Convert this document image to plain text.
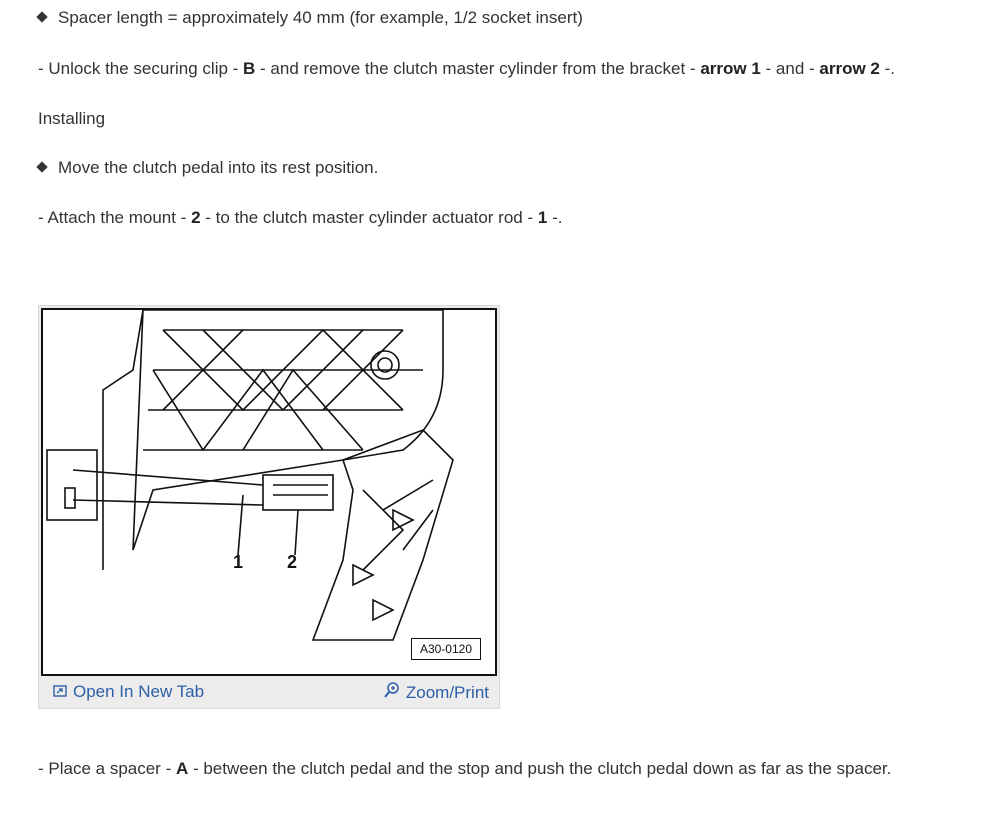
Spacer length = approximately 40 mm (for example, 1/2 socket insert)
- Unlock the securing clip - B - and remove the clutch master cylinder from the bracket - arrow 1 - and - arrow 2 -.
Installing
Move the clutch pedal into its rest position.
- Attach the mount - 2 - to the clutch master cylinder actuator rod - 1 -.
1 2
A30-0120
Open In New Tab	Zoom/Print
- Place a spacer - A - between the clutch pedal and the stop and push the clutch pedal down as far as the spacer.
